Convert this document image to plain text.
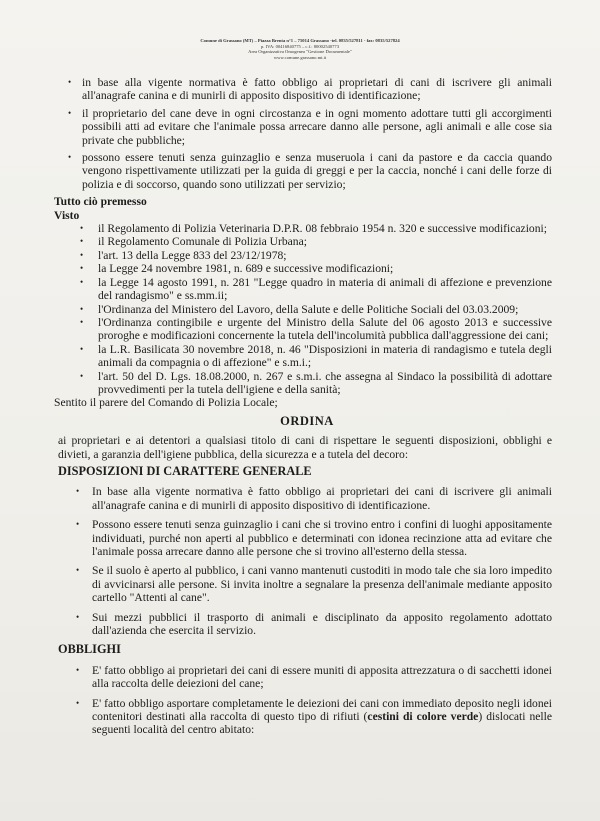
Comune di Grassano (MT) – Piazza Brenta n°1 – 75014 Grassano -tel. 0835/527811 - fax: 0835/527824
p. IVA: 00416840775 – c.f.: 80002540773
Area Organizzativa Omogenea "Gestione Documentale"
www.comune.grassano.mt.it
• in base alla vigente normativa è fatto obbligo ai proprietari di cani di iscrivere gli animali all'anagrafe canina e di munirli di apposito dispositivo di identificazione;
• il proprietario del cane deve in ogni circostanza e in ogni momento adottare tutti gli accorgimenti possibili atti ad evitare che l'animale possa arrecare danno alle persone, agli animali e alle cose sia private che pubbliche;
• possono essere tenuti senza guinzaglio e senza museruola i cani da pastore e da caccia quando vengono rispettivamente utilizzati per la guida di greggi e per la caccia, nonché i cani delle forze di polizia e di soccorso, quando sono utilizzati per servizio;
Tutto ciò premesso
Visto
• il Regolamento di Polizia Veterinaria D.P.R. 08 febbraio 1954 n. 320 e successive modificazioni;
• il Regolamento Comunale di Polizia Urbana;
• l'art. 13 della Legge 833 del 23/12/1978;
• la Legge 24 novembre 1981, n. 689 e successive modificazioni;
• la Legge 14 agosto 1991, n. 281 "Legge quadro in materia di animali di affezione e prevenzione del randagismo" e ss.mm.ii;
• l'Ordinanza del Ministero del Lavoro, della Salute e delle Politiche Sociali del 03.03.2009;
• l'Ordinanza contingibile e urgente del Ministro della Salute del 06 agosto 2013 e successive proroghe e modificazioni concernente la tutela dell'incolumità pubblica dall'aggressione dei cani;
• la L.R. Basilicata 30 novembre 2018, n. 46 "Disposizioni in materia di randagismo e tutela degli animali da compagnia o di affezione" e s.m.i.;
• l'art. 50 del D. Lgs. 18.08.2000, n. 267 e s.m.i. che assegna al Sindaco la possibilità di adottare provvedimenti per la tutela dell'igiene e della sanità;
Sentito il parere del Comando di Polizia Locale;
ORDINA
ai proprietari e ai detentori a qualsiasi titolo di cani di rispettare le seguenti disposizioni, obblighi e divieti, a garanzia dell'igiene pubblica, della sicurezza e a tutela del decoro:
DISPOSIZIONI DI CARATTERE GENERALE
• In base alla vigente normativa è fatto obbligo ai proprietari dei cani di iscrivere gli animali all'anagrafe canina e di munirli di apposito dispositivo di identificazione.
• Possono essere tenuti senza guinzaglio i cani che si trovino entro i confini di luoghi appositamente individuati, purché non aperti al pubblico e determinati con idonea recinzione atta ad evitare che l'animale possa arrecare danno alle persone che si trovino all'esterno della stessa.
• Se il suolo è aperto al pubblico, i cani vanno mantenuti custoditi in modo tale che sia loro impedito di avvicinarsi alle persone. Si invita inoltre a segnalare la presenza dell'animale mediante apposito cartello "Attenti al cane".
• Sui mezzi pubblici il trasporto di animali e disciplinato da apposito regolamento adottato dall'azienda che esercita il servizio.
OBBLIGHI
• E' fatto obbligo ai proprietari dei cani di essere muniti di apposita attrezzatura o di sacchetti idonei alla raccolta delle deiezioni del cane;
• E' fatto obbligo asportare completamente le deiezioni dei cani con immediato deposito negli idonei contenitori destinati alla raccolta di questo tipo di rifiuti (cestini di colore verde) dislocati nelle seguenti località del centro abitato:
